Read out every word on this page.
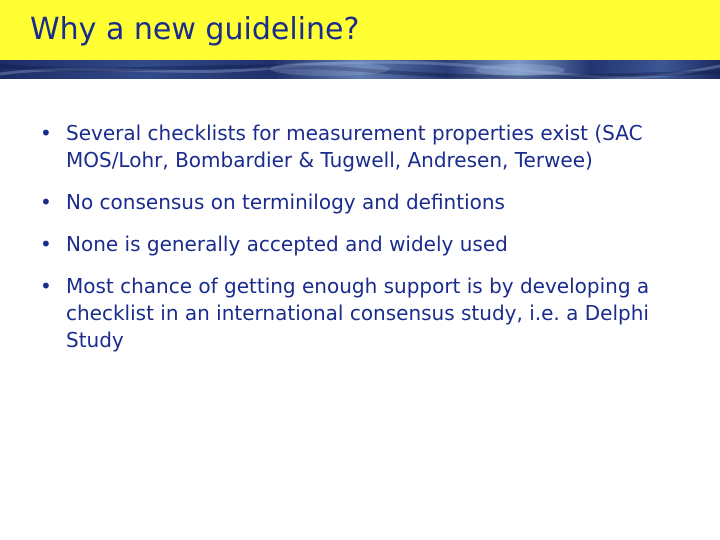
Why a new guideline?
• Several checklists for measurement properties exist (SAC MOS/Lohr, Bombardier & Tugwell, Andresen, Terwee)
• No consensus on terminilogy and defintions
• None is generally accepted and widely used
• Most chance of getting enough support is by developing a checklist in an international consensus study, i.e. a Delphi Study
